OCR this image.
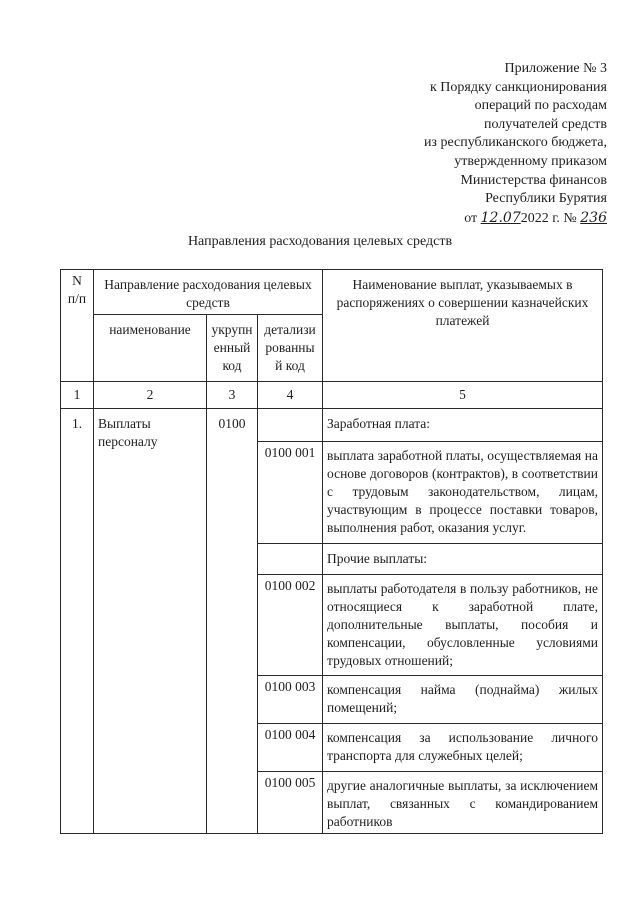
Приложение № 3
к Порядку санкционирования
операций по расходам
получателей средств
из республиканского бюджета,
утвержденному приказом
Министерства финансов
Республики Бурятия
от 12.072022 г. № 236
Направления расходования целевых средств
N п/п	Направление расходования целевых средств			Наименование выплат, указываемых в распоряжениях о совершении казначейских платежей
	наименование	укрупненный код	детализированный код	
1	2	3	4	5
1.	Выплаты персоналу	0100		Заработная плата:
			0100 001	выплата заработной платы, осуществляемая на основе договоров (контрактов), в соответствии с трудовым законодательством, лицам, участвующим в процессе поставки товаров, выполнения работ, оказания услуг.
				Прочие выплаты:
			0100 002	выплаты работодателя в пользу работников, не относящиеся к заработной плате, дополнительные выплаты, пособия и компенсации, обусловленные условиями трудовых отношений;
			0100 003	компенсация найма (поднайма) жилых помещений;
			0100 004	компенсация за использование личного транспорта для служебных целей;
			0100 005	другие аналогичные выплаты, за исключением выплат, связанных с командированием работников
